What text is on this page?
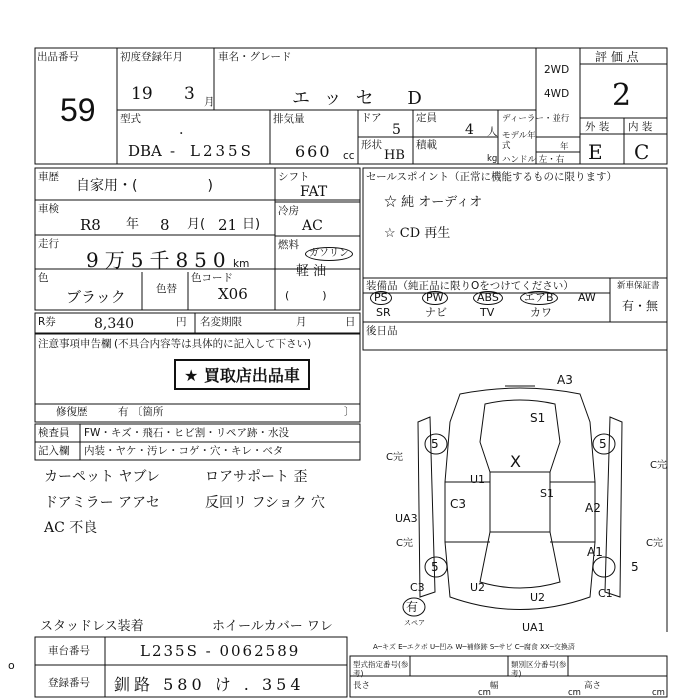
出品番号
59
初度登録年月
19 3 月
車名・グレード
エッセ D
2WD
4WD
評 価 点
2
型式
・
DBA - L235S
排気量
660 cc
ドア
5
定員
4 人
形状
HB
積載
kg
ディーラー・並行
モデル年式	年
ハンドル 左・右
外 装 内 装
E C
車歴
自家用・(　　　　　)
車検
R8 年 8 月( 21 日)
走行
9万5千850 km
色
ブラック	色替
色コード
X06
シフト
FAT
冷房
AC
燃料
ガソリン
軽 油
(　　　)
R券	8,340	円 名変期限	月	日
セールスポイント（正常に機能するものに限ります）
☆ 純 オーディオ
☆ CD 再生
装備品（純正品に限りOをつけてください）	新車保証書
有・無
PS	PW	ABS	エアB	AW
SR	ナビ	TV	カワ
後日品
注意事項申告欄 (不具合内容等は具体的に記入して下さい)
★ 買取店出品車
修復歴	有 〔箇所	〕
検査員 FW・キズ・飛石・ヒビ割・リペア跡・水没
記入欄 内装・ヤケ・汚レ・コゲ・穴・キレ・ベタ
カーペット ヤブレ
ドアミラー アアセ
AC 不良
ロアサポート 歪
反回リ フショク 穴
スタッドレス装着	ホイールカバー ワレ
o
A3
S1
X
U1
C3
S1
A2
UA3
A1
C3	U2
U2	C1
UA1
C完
C完
C完	C完
5	5
5	5
有
スペア
車台番号	L235S - 0062589
登録番号 釧路 580 け . 354
A─キズ E─エクボ U─凹み W─補修跡 S─サビ C─腐食 XX─交換済
型式指定番号(参考)
類別区分番号(参考)
長さ
cm
幅
cm
高さ
cm
